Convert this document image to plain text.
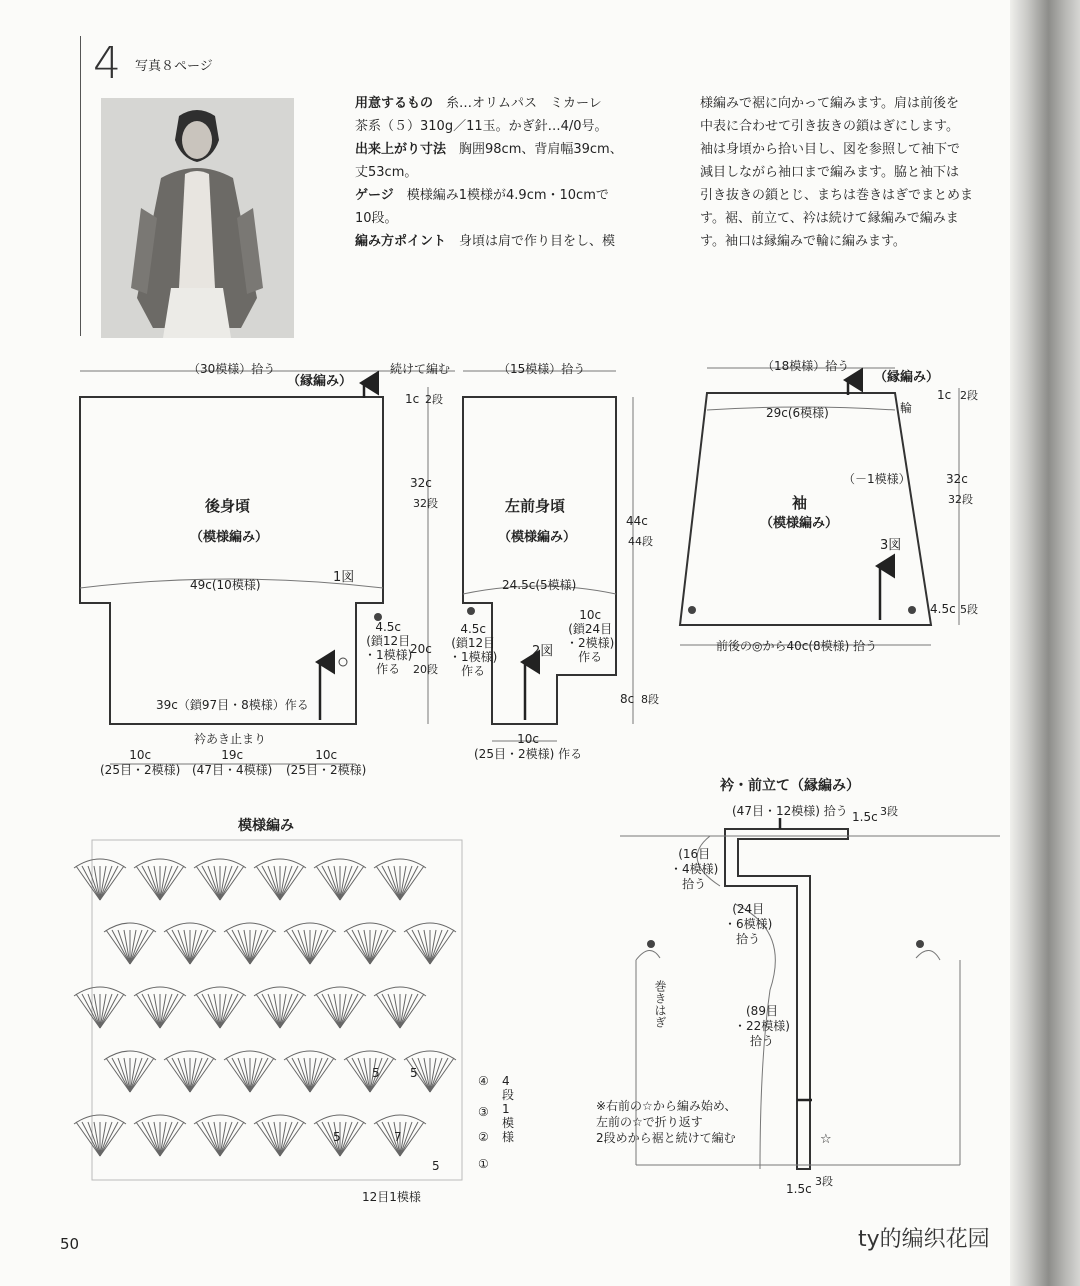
4 写真８ページ
用意するもの　糸…オリムパス　ミカーレ
茶系（５）310g／11玉。かぎ針…4/0号。
出来上がり寸法　胸囲98cm、背肩幅39cm、
丈53cm。
ゲージ　模様編み1模様が4.9cm・10cmで
10段。
編み方ポイント　身頃は肩で作り目をし、模
様編みで裾に向かって編みます。肩は前後を
中表に合わせて引き抜きの鎖はぎにします。
袖は身頃から拾い目し、図を参照して袖下で
減目しながら袖口まで編みます。脇と袖下は
引き抜きの鎖とじ、まちは巻きはぎでまとめま
す。裾、前立て、衿は続けて縁編みで編みま
す。袖口は縁編みで輪に編みます。
（30模様）拾う
（縁編み）
続けて編む
後身頃
（模様編み）
49c(10模様)	1図
4.5c
(鎖12目
・1模様)
作る
39c（鎖97目・8模様）作る
衿あき止まり
10c
(25目・2模様)
19c
(47目・4模様)
10c
(25目・2模様)
（15模様）拾う
左前身頃
（模様編み）
24.5c(5模様)
2図
4.5c
(鎖12目
・1模様)
作る
10c
(鎖24目
・2模様)
作る
10c
(25目・2模様) 作る
1c 2段
32c
32段
20c
20段
44c
44段
8c 8段
（18模様）拾う
（縁編み）
輪
29c(6模様)
（－1模様）
袖
（模様編み）
3図
前後の◎から40c(8模様) 拾う
1c 2段
32c
32段
4.5c 5段
模様編み
④
③
②
①
4
段
1
模
様
12目1模様
5	5
5	7
5
衿・前立て（縁編み）
(47目・12模様) 拾う 1.5c 3段
(16目
・4模様)
拾う
(24目
・6模様)
拾う
(89目
・22模様)
拾う
巻きはぎ
※右前の☆から編み始め、
左前の☆で折り返す
2段めから裾と続けて編む	☆
1.5c
3段
50	ty的编织花园
